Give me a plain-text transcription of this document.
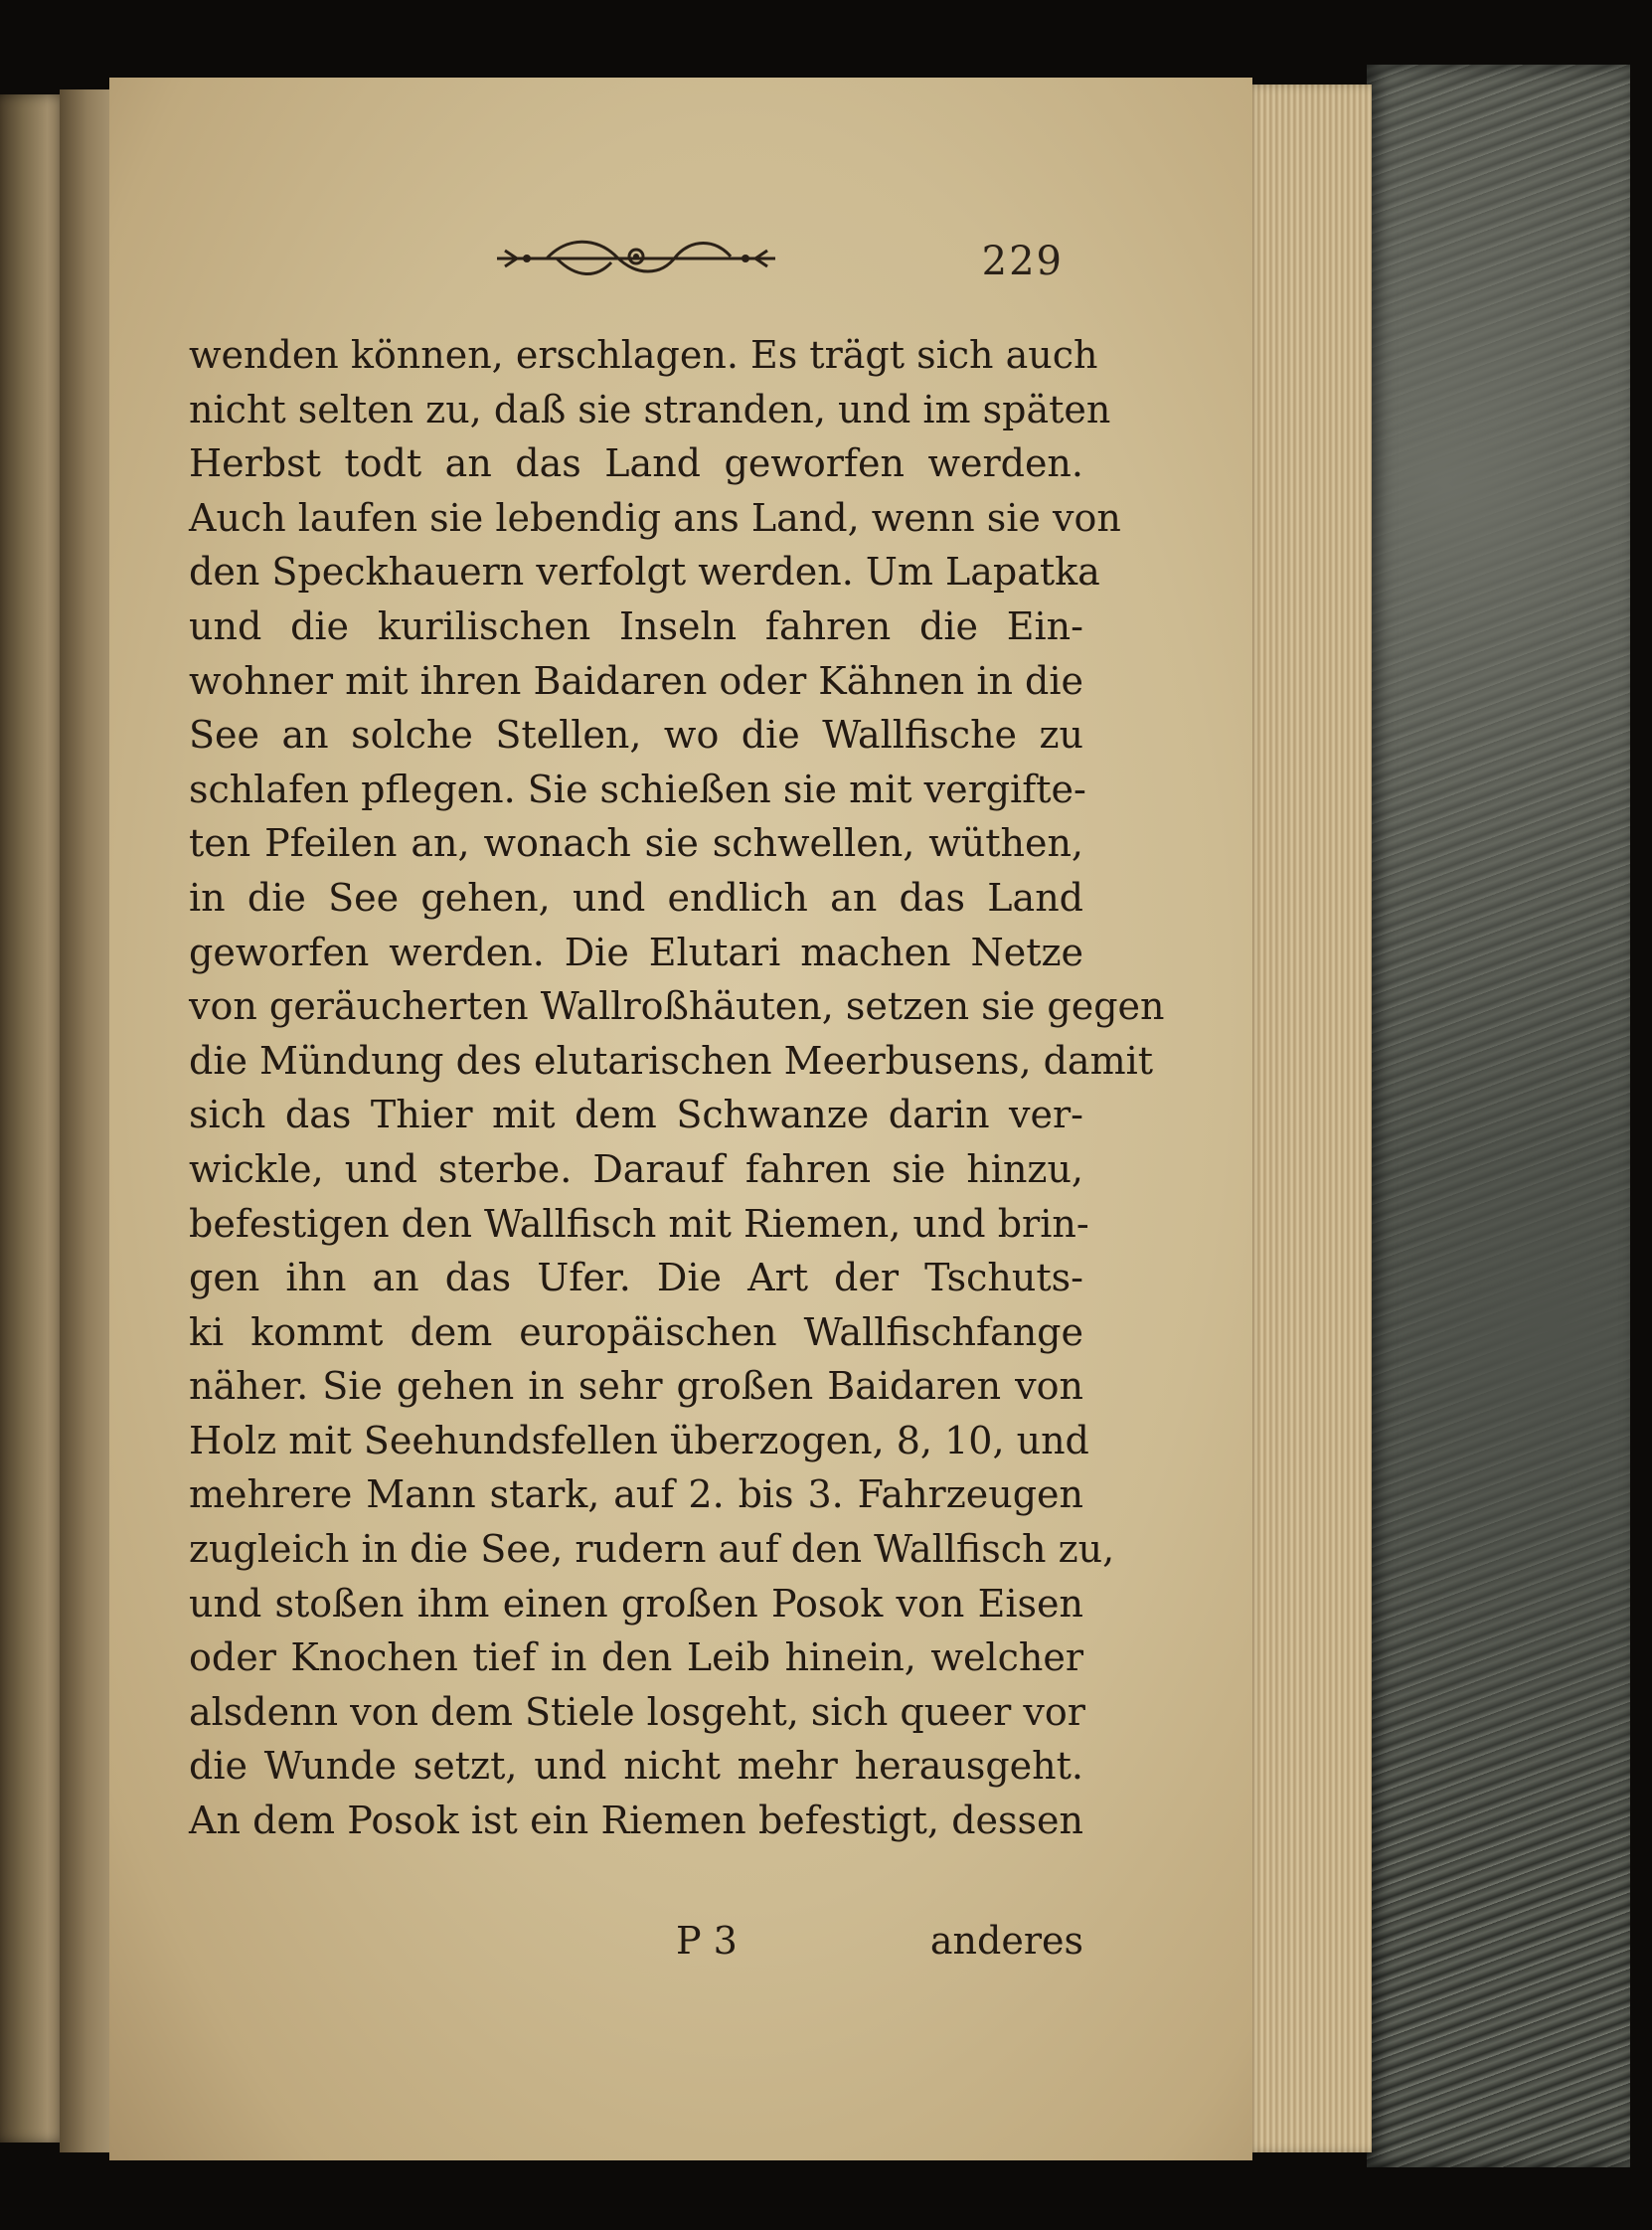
229
wenden können, erschlagen. Es trägt sich auch
nicht selten zu, daß sie stranden, und im späten
Herbst todt an das Land geworfen werden.
Auch laufen sie lebendig ans Land, wenn sie von
den Speckhauern verfolgt werden. Um Lapatka
und die kurilischen Inseln fahren die Ein-
wohner mit ihren Baidaren oder Kähnen in die
See an solche Stellen, wo die Wallfische zu
schlafen pflegen. Sie schießen sie mit vergifte-
ten Pfeilen an, wonach sie schwellen, wüthen,
in die See gehen, und endlich an das Land
geworfen werden. Die Elutari machen Netze
von geräucherten Wallroßhäuten, setzen sie gegen
die Mündung des elutarischen Meerbusens, damit
sich das Thier mit dem Schwanze darin ver-
wickle, und sterbe. Darauf fahren sie hinzu,
befestigen den Wallfisch mit Riemen, und brin-
gen ihn an das Ufer. Die Art der Tschuts-
ki kommt dem europäischen Wallfischfange
näher. Sie gehen in sehr großen Baidaren von
Holz mit Seehundsfellen überzogen, 8, 10, und
mehrere Mann stark, auf 2. bis 3. Fahrzeugen
zugleich in die See, rudern auf den Wallfisch zu,
und stoßen ihm einen großen Posok von Eisen
oder Knochen tief in den Leib hinein, welcher
alsdenn von dem Stiele losgeht, sich queer vor
die Wunde setzt, und nicht mehr herausgeht.
An dem Posok ist ein Riemen befestigt, dessen
P 3	anderes
